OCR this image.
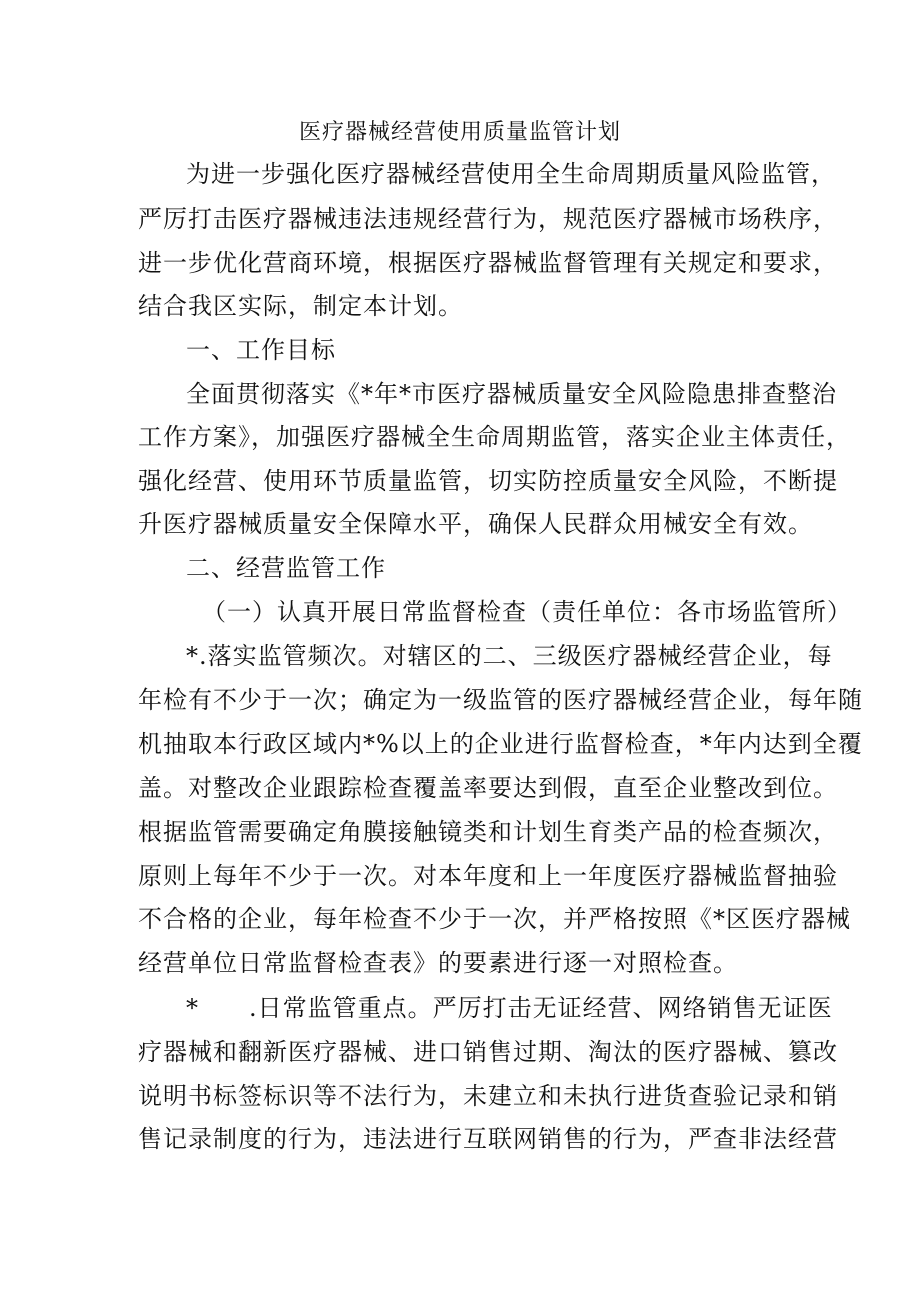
医疗器械经营使用质量监管计划
为进一步强化医疗器械经营使用全生命周期质量风险监管，
严厉打击医疗器械违法违规经营行为，规范医疗器械市场秩序，
进一步优化营商环境，根据医疗器械监督管理有关规定和要求，
结合我区实际，制定本计划。
一、工作目标
全面贯彻落实《*年*市医疗器械质量安全风险隐患排查整治
工作方案》，加强医疗器械全生命周期监管，落实企业主体责任，
强化经营、使用环节质量监管，切实防控质量安全风险，不断提
升医疗器械质量安全保障水平，确保人民群众用械安全有效。
二、经营监管工作
（一）认真开展日常监督检查（责任单位：各市场监管所）
*.落实监管频次。对辖区的二、三级医疗器械经营企业，每
年检有不少于一次；确定为一级监管的医疗器械经营企业，每年随
机抽取本行政区域内*%以上的企业进行监督检查，*年内达到全覆
盖。对整改企业跟踪检查覆盖率要达到假，直至企业整改到位。
根据监管需要确定角膜接触镜类和计划生育类产品的检查频次，
原则上每年不少于一次。对本年度和上一年度医疗器械监督抽验
不合格的企业，每年检查不少于一次，并严格按照《*区医疗器械
经营单位日常监督检查表》的要素进行逐一对照检查。
*　　.日常监管重点。严厉打击无证经营、网络销售无证医
疗器械和翻新医疗器械、进口销售过期、淘汰的医疗器械、篡改
说明书标签标识等不法行为，未建立和未执行进货查验记录和销
售记录制度的行为，违法进行互联网销售的行为，严查非法经营
